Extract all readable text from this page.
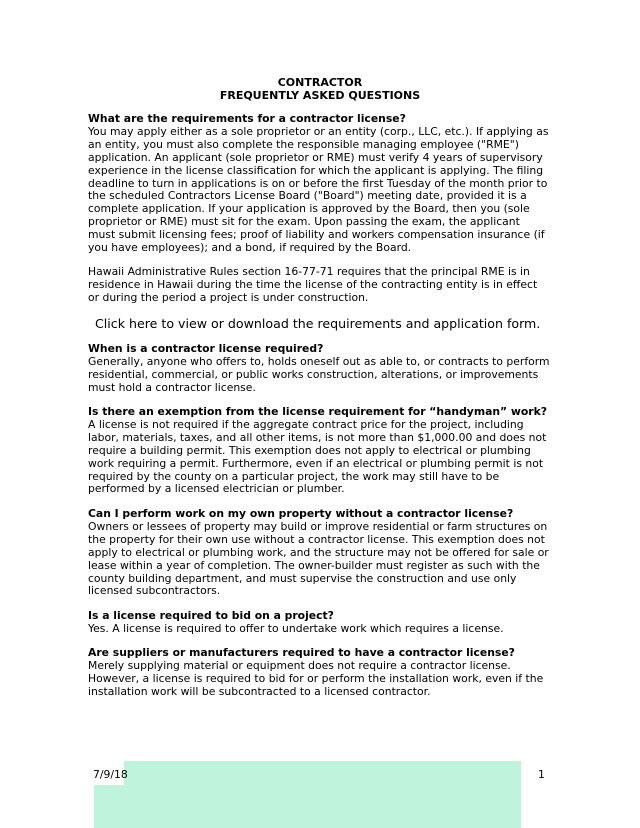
CONTRACTOR
FREQUENTLY ASKED QUESTIONS
What are the requirements for a contractor license?
You may apply either as a sole proprietor or an entity (corp., LLC, etc.). If applying as an entity, you must also complete the responsible managing employee ("RME") application. An applicant (sole proprietor or RME) must verify 4 years of supervisory experience in the license classification for which the applicant is applying. The filing deadline to turn in applications is on or before the first Tuesday of the month prior to the scheduled Contractors License Board ("Board") meeting date, provided it is a complete application. If your application is approved by the Board, then you (sole proprietor or RME) must sit for the exam. Upon passing the exam, the applicant must submit licensing fees; proof of liability and workers compensation insurance (if you have employees); and a bond, if required by the Board.
Hawaii Administrative Rules section 16-77-71 requires that the principal RME is in residence in Hawaii during the time the license of the contracting entity is in effect or during the period a project is under construction.
Click here to view or download the requirements and application form.
When is a contractor license required?
Generally, anyone who offers to, holds oneself out as able to, or contracts to perform residential, commercial, or public works construction, alterations, or improvements must hold a contractor license.
Is there an exemption from the license requirement for “handyman” work?
A license is not required if the aggregate contract price for the project, including labor, materials, taxes, and all other items, is not more than $1,000.00 and does not require a building permit. This exemption does not apply to electrical or plumbing work requiring a permit. Furthermore, even if an electrical or plumbing permit is not required by the county on a particular project, the work may still have to be performed by a licensed electrician or plumber.
Can I perform work on my own property without a contractor license?
Owners or lessees of property may build or improve residential or farm structures on the property for their own use without a contractor license. This exemption does not apply to electrical or plumbing work, and the structure may not be offered for sale or lease within a year of completion. The owner-builder must register as such with the county building department, and must supervise the construction and use only licensed subcontractors.
Is a license required to bid on a project?
Yes. A license is required to offer to undertake work which requires a license.
Are suppliers or manufacturers required to have a contractor license?
Merely supplying material or equipment does not require a contractor license. However, a license is required to bid for or perform the installation work, even if the installation work will be subcontracted to a licensed contractor.
7/9/18	1
